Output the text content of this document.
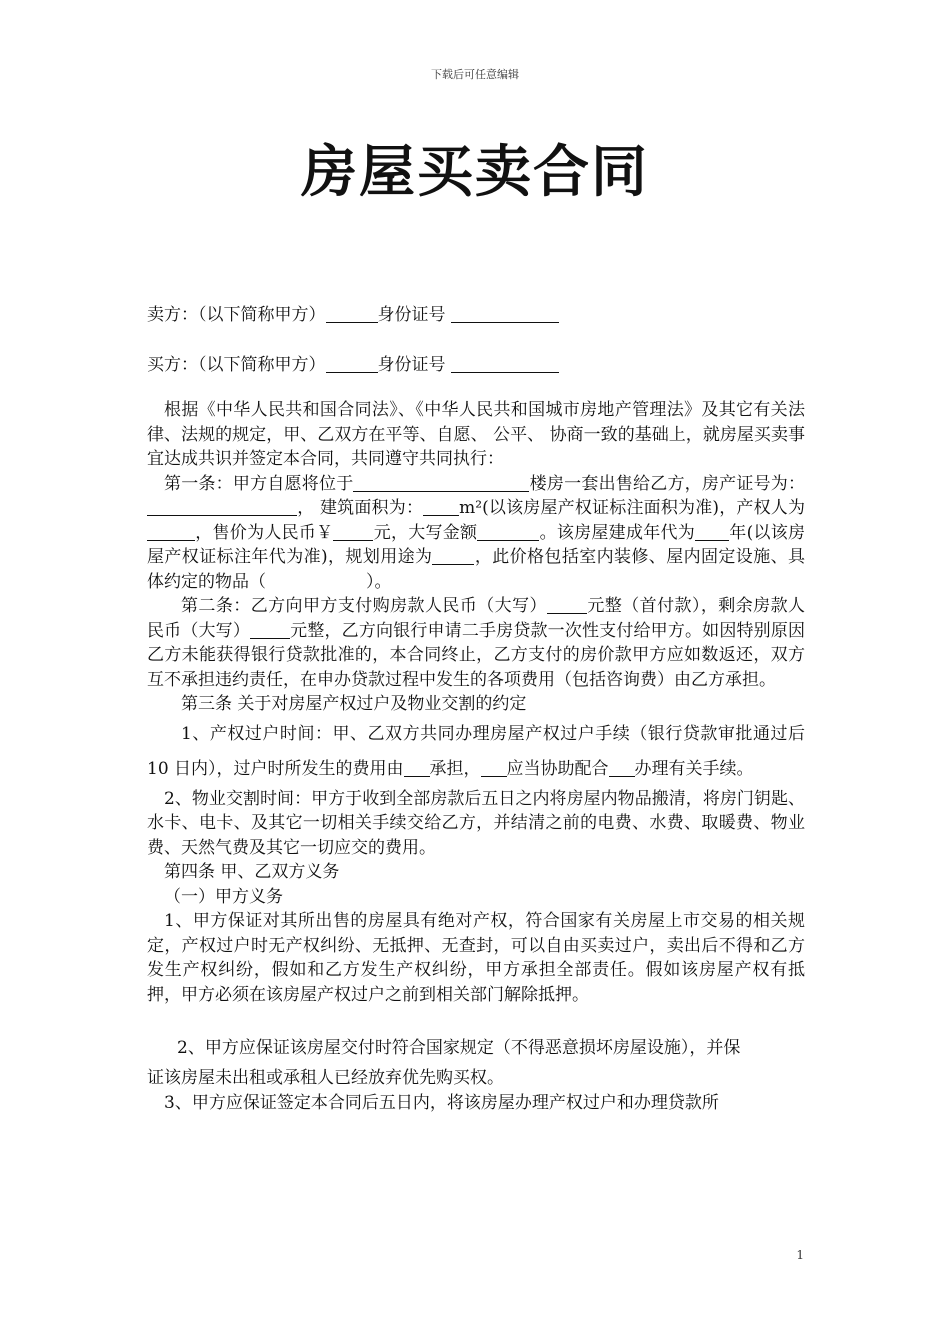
下载后可任意编辑
房屋买卖合同
卖方：（以下简称甲方）	身份证号
买方：（以下简称甲方）	身份证号

根据《中华人民共和国合同法》、《中华人民共和国城市房地产管理法》及其它有关法律、法规的规定，甲、乙双方在平等、自愿、 公平、 协商一致的基础上，就房屋买卖事宜达成共识并签定本合同，共同遵守共同执行：

第一条：甲方自愿将位于	楼房一套出售给乙方，房产证号为：， 建筑面积为： m²(以该房屋产权证标注面积为准)，产权人为，售价为人民币￥ 元，大写金额	。该房屋建成年代为 年(以该房屋产权证标注年代为准)，规划用途为 ，此价格包括室内装修、屋内固定设施、具体约定的物品（	）。

第二条：乙方向甲方支付购房款人民币（大写） 元整（首付款），剩余房款人民币（大写） 元整，乙方向银行申请二手房贷款一次性支付给甲方。如因特别原因乙方未能获得银行贷款批准的，本合同终止，乙方支付的房价款甲方应如数返还，双方互不承担违约责任，在申办贷款过程中发生的各项费用（包括咨询费）由乙方承担。

第三条 关于对房屋产权过户及物业交割的约定

1、产权过户时间：甲、乙双方共同办理房屋产权过户手续（银行贷款审批通过后 10 日内），过户时所发生的费用由 承担， 应当协助配合 办理有关手续。

2、物业交割时间：甲方于收到全部房款后五日之内将房屋内物品搬清，将房门钥匙、水卡、电卡、及其它一切相关手续交给乙方，并结清之前的电费、水费、取暖费、物业费、天然气费及其它一切应交的费用。

第四条 甲、乙双方义务

（一）甲方义务

1、甲方保证对其所出售的房屋具有绝对产权，符合国家有关房屋上市交易的相关规定，产权过户时无产权纠纷、无抵押、无查封，可以自由买卖过户，卖出后不得和乙方发生产权纠纷，假如和乙方发生产权纠纷，甲方承担全部责任。假如该房屋产权有抵押，甲方必须在该房屋产权过户之前到相关部门解除抵押。

2、甲方应保证该房屋交付时符合国家规定（不得恶意损坏房屋设施），并保

证该房屋未出租或承租人已经放弃优先购买权。

3、甲方应保证签定本合同后五日内，将该房屋办理产权过户和办理贷款所

1
